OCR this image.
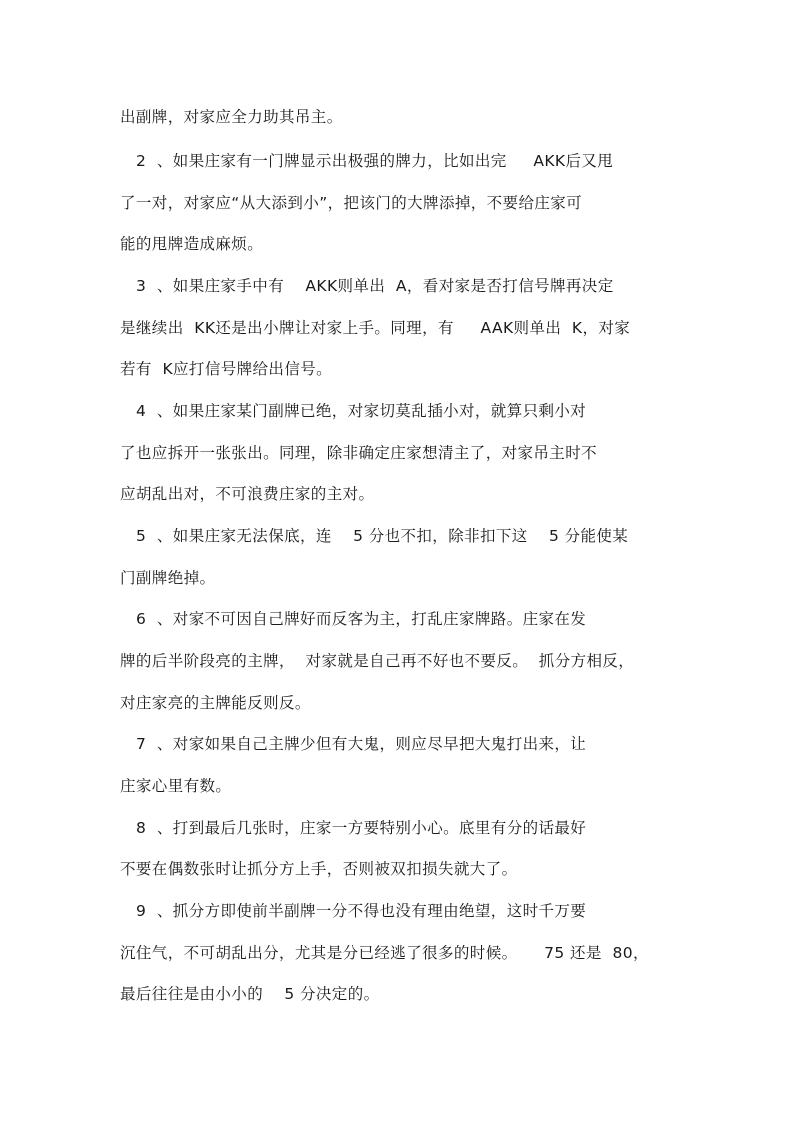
出副牌，对家应全力助其吊主。
2  、如果庄家有一门牌显示出极强的牌力，比如出完     AKK后又甩
了一对，对家应“从大添到小”，把该门的大牌添掉，不要给庄家可
能的甩牌造成麻烦。
3  、如果庄家手中有    AKK则单出  A，看对家是否打信号牌再决定
是继续出  KK还是出小牌让对家上手。同理，有     AAK则单出  K，对家
若有  K应打信号牌给出信号。
4  、如果庄家某门副牌已绝，对家切莫乱插小对，就算只剩小对
了也应拆开一张张出。同理，除非确定庄家想清主了，对家吊主时不
应胡乱出对，不可浪费庄家的主对。
5  、如果庄家无法保底，连    5 分也不扣，除非扣下这    5 分能使某
门副牌绝掉。
6  、对家不可因自己牌好而反客为主，打乱庄家牌路。庄家在发
牌的后半阶段亮的主牌，  对家就是自己再不好也不要反。  抓分方相反，
对庄家亮的主牌能反则反。
7  、对家如果自己主牌少但有大鬼，则应尽早把大鬼打出来，让
庄家心里有数。
8  、打到最后几张时，庄家一方要特别小心。底里有分的话最好
不要在偶数张时让抓分方上手，否则被双扣损失就大了。
9  、抓分方即使前半副牌一分不得也没有理由绝望，这时千万要
沉住气，不可胡乱出分，尤其是分已经逃了很多的时候。     75 还是  80，
最后往往是由小小的    5 分决定的。
